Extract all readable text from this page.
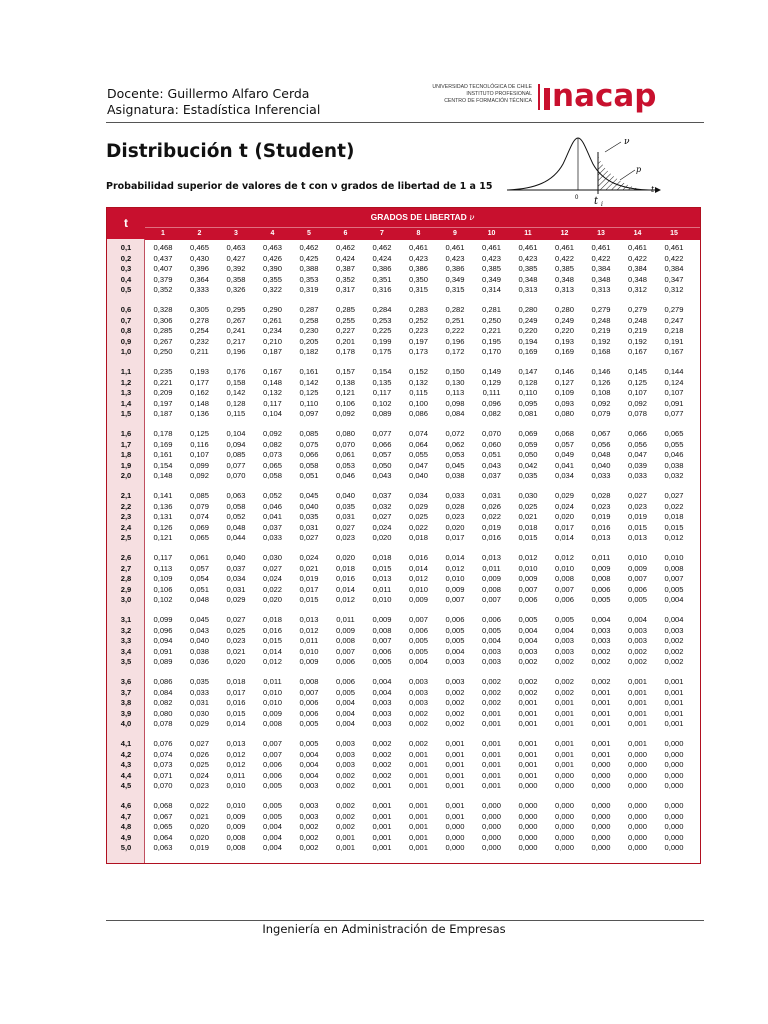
Docente: Guillermo Alfaro Cerda
Asignatura: Estadística Inferencial
UNIVERSIDAD TECNOLÓGICA DE CHILE
INSTITUTO PROFESIONAL
CENTRO DE FORMACIÓN TÉCNICA nacap
Distribución t (Student)
Probabilidad superior de valores de t con ν grados de libertad de 1 a 15
ν
p
t
0 t i
t	GRADOS DE LIBERTAD ν
1	2	3	4	5	6	7	8	9	10	11	12	13	14	15
0,1	0,468	0,465	0,463	0,463	0,462	0,462	0,462	0,461	0,461	0,461	0,461	0,461	0,461	0,461	0,461
0,2	0,437	0,430	0,427	0,426	0,425	0,424	0,424	0,423	0,423	0,423	0,423	0,422	0,422	0,422	0,422
0,3	0,407	0,396	0,392	0,390	0,388	0,387	0,386	0,386	0,386	0,385	0,385	0,385	0,384	0,384	0,384
0,4	0,379	0,364	0,358	0,355	0,353	0,352	0,351	0,350	0,349	0,349	0,348	0,348	0,348	0,348	0,347
0,5	0,352	0,333	0,326	0,322	0,319	0,317	0,316	0,315	0,315	0,314	0,313	0,313	0,313	0,312	0,312
0,6	0,328	0,305	0,295	0,290	0,287	0,285	0,284	0,283	0,282	0,281	0,280	0,280	0,279	0,279	0,279
0,7	0,306	0,278	0,267	0,261	0,258	0,255	0,253	0,252	0,251	0,250	0,249	0,249	0,248	0,248	0,247
0,8	0,285	0,254	0,241	0,234	0,230	0,227	0,225	0,223	0,222	0,221	0,220	0,220	0,219	0,219	0,218
0,9	0,267	0,232	0,217	0,210	0,205	0,201	0,199	0,197	0,196	0,195	0,194	0,193	0,192	0,192	0,191
1,0	0,250	0,211	0,196	0,187	0,182	0,178	0,175	0,173	0,172	0,170	0,169	0,169	0,168	0,167	0,167
1,1	0,235	0,193	0,176	0,167	0,161	0,157	0,154	0,152	0,150	0,149	0,147	0,146	0,146	0,145	0,144
1,2	0,221	0,177	0,158	0,148	0,142	0,138	0,135	0,132	0,130	0,129	0,128	0,127	0,126	0,125	0,124
1,3	0,209	0,162	0,142	0,132	0,125	0,121	0,117	0,115	0,113	0,111	0,110	0,109	0,108	0,107	0,107
1,4	0,197	0,148	0,128	0,117	0,110	0,106	0,102	0,100	0,098	0,096	0,095	0,093	0,092	0,092	0,091
1,5	0,187	0,136	0,115	0,104	0,097	0,092	0,089	0,086	0,084	0,082	0,081	0,080	0,079	0,078	0,077
1,6	0,178	0,125	0,104	0,092	0,085	0,080	0,077	0,074	0,072	0,070	0,069	0,068	0,067	0,066	0,065
1,7	0,169	0,116	0,094	0,082	0,075	0,070	0,066	0,064	0,062	0,060	0,059	0,057	0,056	0,056	0,055
1,8	0,161	0,107	0,085	0,073	0,066	0,061	0,057	0,055	0,053	0,051	0,050	0,049	0,048	0,047	0,046
1,9	0,154	0,099	0,077	0,065	0,058	0,053	0,050	0,047	0,045	0,043	0,042	0,041	0,040	0,039	0,038
2,0	0,148	0,092	0,070	0,058	0,051	0,046	0,043	0,040	0,038	0,037	0,035	0,034	0,033	0,033	0,032
2,1	0,141	0,085	0,063	0,052	0,045	0,040	0,037	0,034	0,033	0,031	0,030	0,029	0,028	0,027	0,027
2,2	0,136	0,079	0,058	0,046	0,040	0,035	0,032	0,029	0,028	0,026	0,025	0,024	0,023	0,023	0,022
2,3	0,131	0,074	0,052	0,041	0,035	0,031	0,027	0,025	0,023	0,022	0,021	0,020	0,019	0,019	0,018
2,4	0,126	0,069	0,048	0,037	0,031	0,027	0,024	0,022	0,020	0,019	0,018	0,017	0,016	0,015	0,015
2,5	0,121	0,065	0,044	0,033	0,027	0,023	0,020	0,018	0,017	0,016	0,015	0,014	0,013	0,013	0,012
2,6	0,117	0,061	0,040	0,030	0,024	0,020	0,018	0,016	0,014	0,013	0,012	0,012	0,011	0,010	0,010
2,7	0,113	0,057	0,037	0,027	0,021	0,018	0,015	0,014	0,012	0,011	0,010	0,010	0,009	0,009	0,008
2,8	0,109	0,054	0,034	0,024	0,019	0,016	0,013	0,012	0,010	0,009	0,009	0,008	0,008	0,007	0,007
2,9	0,106	0,051	0,031	0,022	0,017	0,014	0,011	0,010	0,009	0,008	0,007	0,007	0,006	0,006	0,005
3,0	0,102	0,048	0,029	0,020	0,015	0,012	0,010	0,009	0,007	0,007	0,006	0,006	0,005	0,005	0,004
3,1	0,099	0,045	0,027	0,018	0,013	0,011	0,009	0,007	0,006	0,006	0,005	0,005	0,004	0,004	0,004
3,2	0,096	0,043	0,025	0,016	0,012	0,009	0,008	0,006	0,005	0,005	0,004	0,004	0,003	0,003	0,003
3,3	0,094	0,040	0,023	0,015	0,011	0,008	0,007	0,005	0,005	0,004	0,004	0,003	0,003	0,003	0,002
3,4	0,091	0,038	0,021	0,014	0,010	0,007	0,006	0,005	0,004	0,003	0,003	0,003	0,002	0,002	0,002
3,5	0,089	0,036	0,020	0,012	0,009	0,006	0,005	0,004	0,003	0,003	0,002	0,002	0,002	0,002	0,002
3,6	0,086	0,035	0,018	0,011	0,008	0,006	0,004	0,003	0,003	0,002	0,002	0,002	0,002	0,001	0,001
3,7	0,084	0,033	0,017	0,010	0,007	0,005	0,004	0,003	0,002	0,002	0,002	0,002	0,001	0,001	0,001
3,8	0,082	0,031	0,016	0,010	0,006	0,004	0,003	0,003	0,002	0,002	0,001	0,001	0,001	0,001	0,001
3,9	0,080	0,030	0,015	0,009	0,006	0,004	0,003	0,002	0,002	0,001	0,001	0,001	0,001	0,001	0,001
4,0	0,078	0,029	0,014	0,008	0,005	0,004	0,003	0,002	0,002	0,001	0,001	0,001	0,001	0,001	0,001
4,1	0,076	0,027	0,013	0,007	0,005	0,003	0,002	0,002	0,001	0,001	0,001	0,001	0,001	0,001	0,000
4,2	0,074	0,026	0,012	0,007	0,004	0,003	0,002	0,001	0,001	0,001	0,001	0,001	0,001	0,000	0,000
4,3	0,073	0,025	0,012	0,006	0,004	0,003	0,002	0,001	0,001	0,001	0,001	0,001	0,000	0,000	0,000
4,4	0,071	0,024	0,011	0,006	0,004	0,002	0,002	0,001	0,001	0,001	0,001	0,000	0,000	0,000	0,000
4,5	0,070	0,023	0,010	0,005	0,003	0,002	0,001	0,001	0,001	0,001	0,000	0,000	0,000	0,000	0,000
4,6	0,068	0,022	0,010	0,005	0,003	0,002	0,001	0,001	0,001	0,000	0,000	0,000	0,000	0,000	0,000
4,7	0,067	0,021	0,009	0,005	0,003	0,002	0,001	0,001	0,001	0,000	0,000	0,000	0,000	0,000	0,000
4,8	0,065	0,020	0,009	0,004	0,002	0,002	0,001	0,001	0,000	0,000	0,000	0,000	0,000	0,000	0,000
4,9	0,064	0,020	0,008	0,004	0,002	0,001	0,001	0,001	0,000	0,000	0,000	0,000	0,000	0,000	0,000
5,0	0,063	0,019	0,008	0,004	0,002	0,001	0,001	0,001	0,000	0,000	0,000	0,000	0,000	0,000	0,000
Ingeniería en Administración de Empresas
